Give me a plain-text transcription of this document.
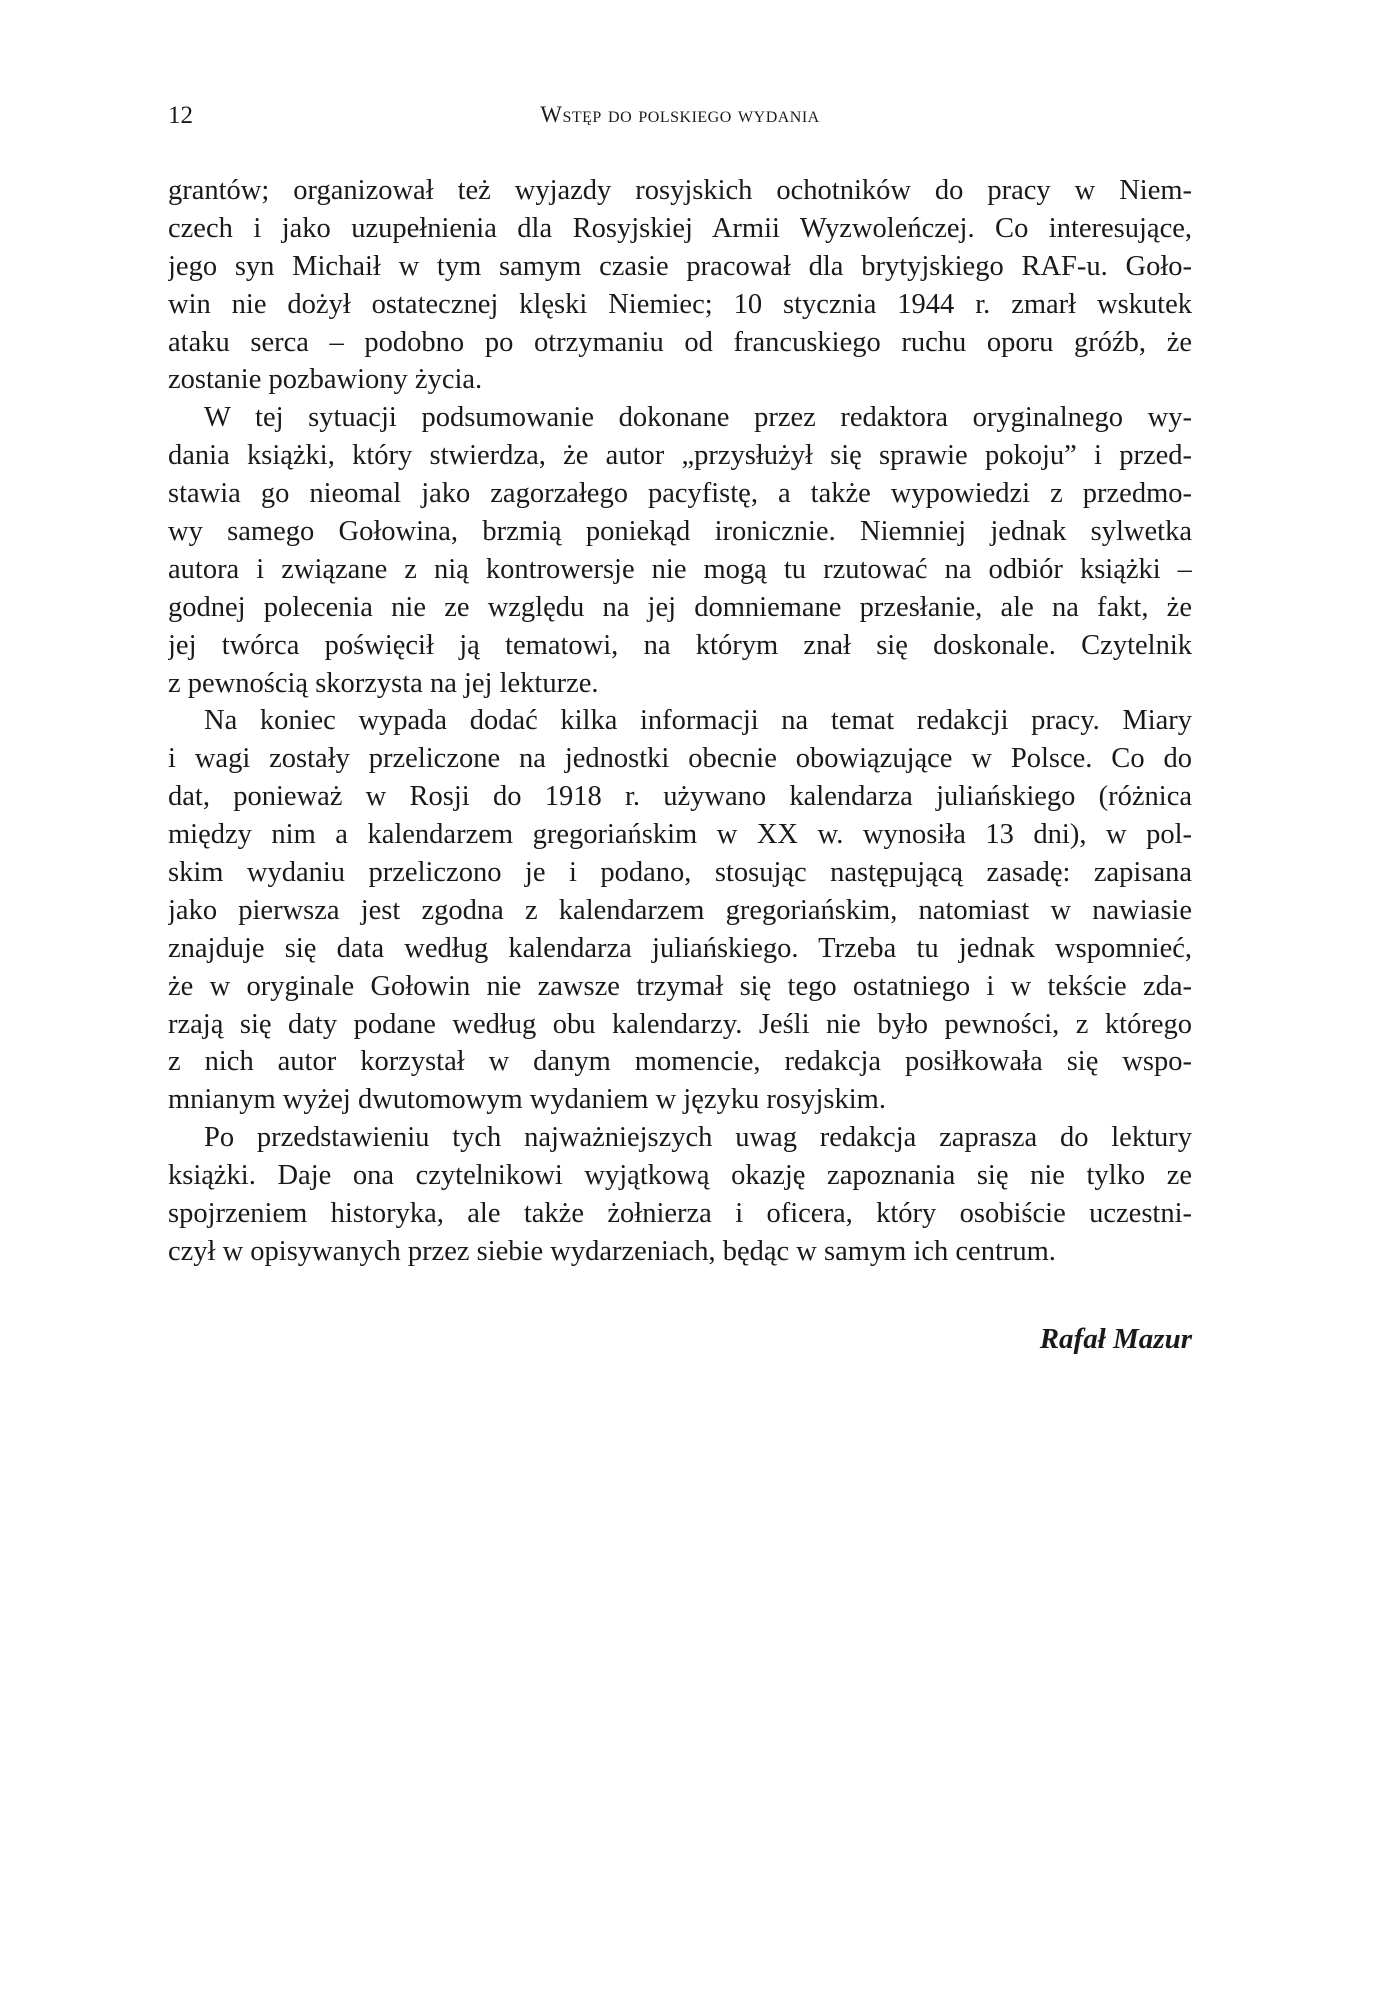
12	Wstęp do polskiego wydania
grantów; organizował też wyjazdy rosyjskich ochotników do pracy w Niem-
czech i jako uzupełnienia dla Rosyjskiej Armii Wyzwoleńczej. Co interesujące,
jego syn Michaił w tym samym czasie pracował dla brytyjskiego RAF-u. Goło-
win nie dożył ostatecznej klęski Niemiec; 10 stycznia 1944 r. zmarł wskutek
ataku serca – podobno po otrzymaniu od francuskiego ruchu oporu gróźb, że
zostanie pozbawiony życia.
W tej sytuacji podsumowanie dokonane przez redaktora oryginalnego wy-
dania książki, który stwierdza, że autor „przysłużył się sprawie pokoju” i przed-
stawia go nieomal jako zagorzałego pacyfistę, a także wypowiedzi z przedmo-
wy samego Gołowina, brzmią poniekąd ironicznie. Niemniej jednak sylwetka
autora i związane z nią kontrowersje nie mogą tu rzutować na odbiór książki –
godnej polecenia nie ze względu na jej domniemane przesłanie, ale na fakt, że
jej twórca poświęcił ją tematowi, na którym znał się doskonale. Czytelnik
z pewnością skorzysta na jej lekturze.
Na koniec wypada dodać kilka informacji na temat redakcji pracy. Miary
i wagi zostały przeliczone na jednostki obecnie obowiązujące w Polsce. Co do
dat, ponieważ w Rosji do 1918 r. używano kalendarza juliańskiego (różnica
między nim a kalendarzem gregoriańskim w XX w. wynosiła 13 dni), w pol-
skim wydaniu przeliczono je i podano, stosując następującą zasadę: zapisana
jako pierwsza jest zgodna z kalendarzem gregoriańskim, natomiast w nawiasie
znajduje się data według kalendarza juliańskiego. Trzeba tu jednak wspomnieć,
że w oryginale Gołowin nie zawsze trzymał się tego ostatniego i w tekście zda-
rzają się daty podane według obu kalendarzy. Jeśli nie było pewności, z którego
z nich autor korzystał w danym momencie, redakcja posiłkowała się wspo-
mnianym wyżej dwutomowym wydaniem w języku rosyjskim.
Po przedstawieniu tych najważniejszych uwag redakcja zaprasza do lektury
książki. Daje ona czytelnikowi wyjątkową okazję zapoznania się nie tylko ze
spojrzeniem historyka, ale także żołnierza i oficera, który osobiście uczestni-
czył w opisywanych przez siebie wydarzeniach, będąc w samym ich centrum.
Rafał Mazur
